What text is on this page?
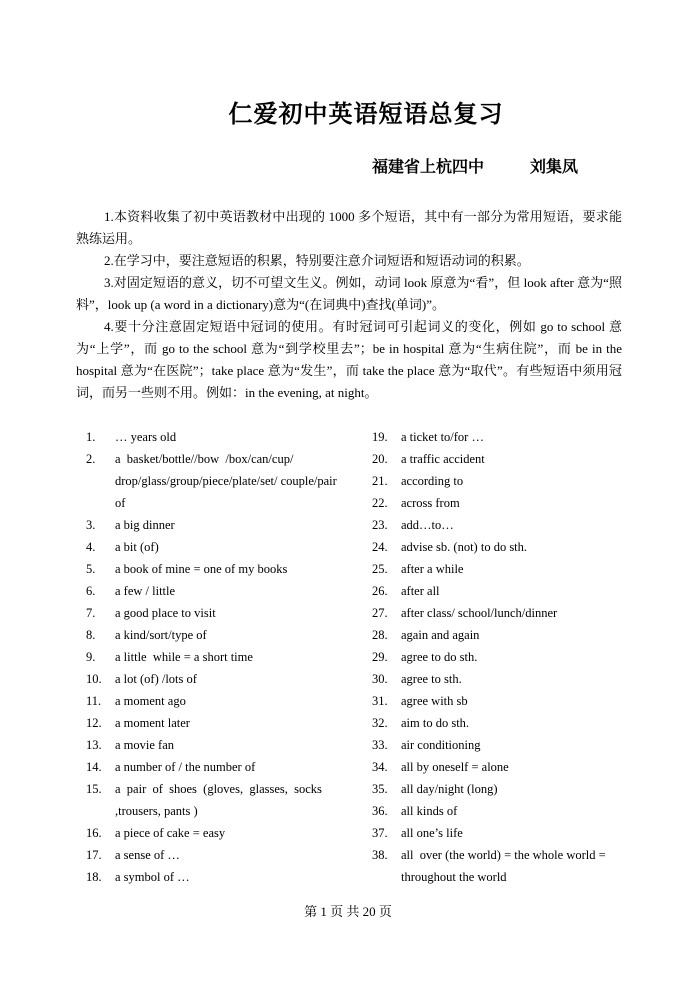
仁爱初中英语短语总复习
福建省上杭四中	刘集凤

1.本资料收集了初中英语教材中出现的 1000 多个短语，其中有一部分为常用短语，要求能熟练运用。

2.在学习中，要注意短语的积累，特别要注意介词短语和短语动词的积累。

3.对固定短语的意义，切不可望文生义。例如，动词 look 原意为“看”，但 look after 意为“照料”，look up (a word in a dictionary)意为“(在词典中)查找(单词)”。

4.要十分注意固定短语中冠词的使用。有时冠词可引起词义的变化，例如 go to school 意为“上学”，而 go to the school 意为“到学校里去”；be in hospital 意为“生病住院”，而 be in the hospital 意为“在医院”；take place 意为“发生”，而 take the place 意为“取代”。有些短语中须用冠词，而另一些则不用。例如：in the evening, at night。

1.	… years old
2.	a  basket/bottle//bow  /box/can/cup/ drop/glass/group/piece/plate/set/ couple/pair of
3.	a big dinner
4.	a bit (of)
5.	a book of mine = one of my books
6.	a few / little
7.	a good place to visit
8.	a kind/sort/type of
9.	a little  while = a short time
10.	a lot (of) /lots of
11.	a moment ago
12.	a moment later
13.	a movie fan
14.	a number of / the number of
15.	a  pair  of  shoes  (gloves,  glasses,  socks ,trousers, pants )
16.	a piece of cake = easy
17.	a sense of …
18.	a symbol of …
19.	a ticket to/for …
20.	a traffic accident
21.	according to
22.	across from
23.	add…to…
24.	advise sb. (not) to do sth.
25.	after a while
26.	after all
27.	after class/ school/lunch/dinner
28.	again and again
29.	agree to do sth.
30.	agree to sth.
31.	agree with sb
32.	aim to do sth.
33.	air conditioning
34.	all by oneself = alone
35.	all day/night (long)
36.	all kinds of
37.	all one’s life
38.	all  over (the world) = the whole world = throughout the world
第 1 页 共 20 页
